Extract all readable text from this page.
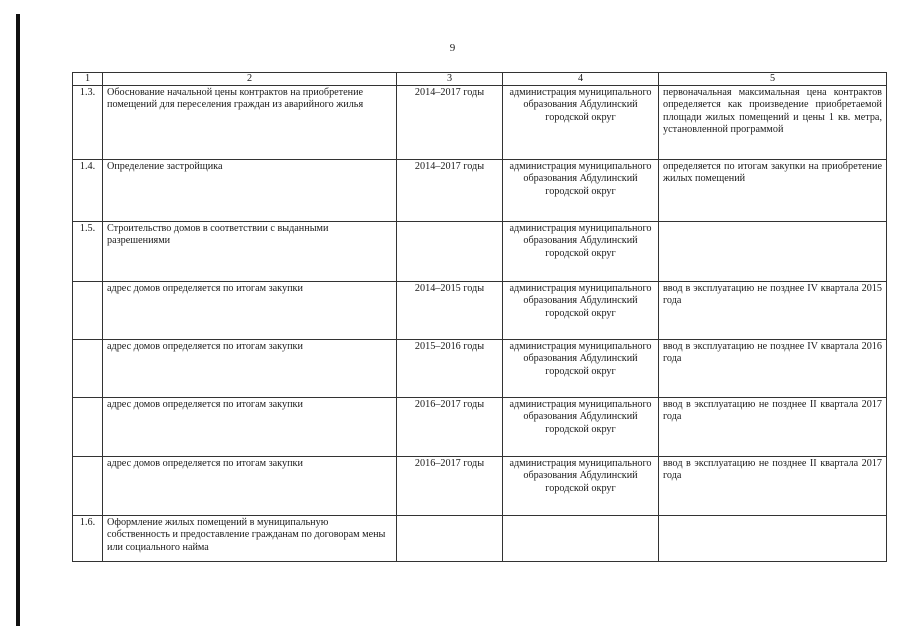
9
1	2	3	4	5
1.3.	Обоснование начальной цены контрактов на приобретение помещений для переселения граждан из аварийного жилья	2014–2017 годы	администрация муниципального образования Абдулинский городской округ	первоначальная максимальная цена контрактов определяется как произведение приобретаемой площади жилых помещений и цены 1 кв. метра, установленной программой
1.4.	Определение застройщика	2014–2017 годы	администрация муниципального образования Абдулинский городской округ	определяется по итогам закупки на приобретение жилых помещений
1.5.	Строительство домов в соответствии с выданными разрешениями		администрация муниципального образования Абдулинский городской округ	
	адрес домов определяется по итогам закупки	2014–2015 годы	администрация муниципального образования Абдулинский городской округ	ввод в эксплуатацию не позднее IV квартала 2015 года
	адрес домов определяется по итогам закупки	2015–2016 годы	администрация муниципального образования Абдулинский городской округ	ввод в эксплуатацию не позднее IV квартала 2016 года
	адрес домов определяется по итогам закупки	2016–2017 годы	администрация муниципального образования Абдулинский городской округ	ввод в эксплуатацию не позднее II квартала 2017 года
	адрес домов определяется по итогам закупки	2016–2017 годы	администрация муниципального образования Абдулинский городской округ	ввод в эксплуатацию не позднее II квартала 2017 года
1.6.	Оформление жилых помещений в муниципальную собственность и предоставление гражданам по договорам мены или социального найма			
